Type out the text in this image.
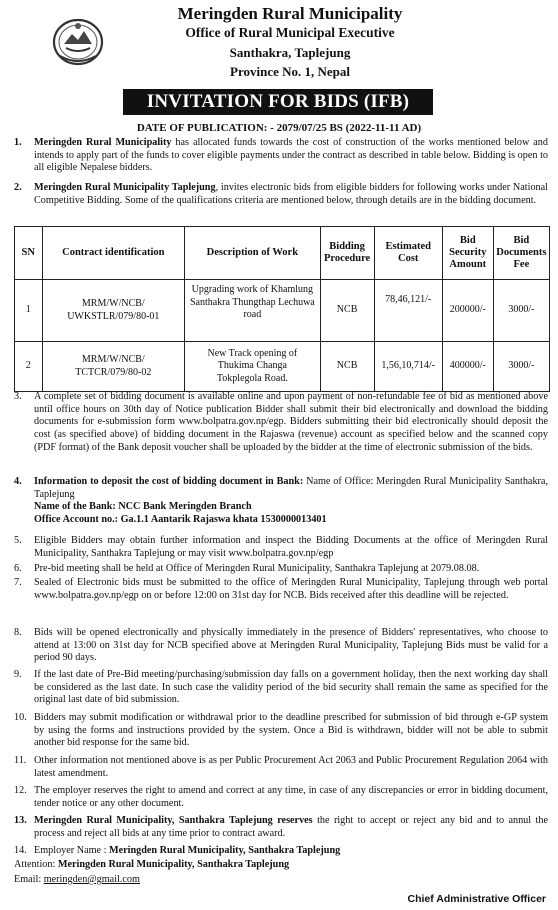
Meringden Rural Municipality
Office of Rural Municipal Executive
Santhakra, Taplejung
Province No. 1, Nepal
INVITATION FOR BIDS (IFB)
DATE OF PUBLICATION: - 2079/07/25 BS (2022-11-11 AD)
1. Meringden Rural Municipality has allocated funds towards the cost of construction of the works mentioned below and intends to apply part of the funds to cover eligible payments under the contract as described in table below. Bidding is open to all eligible Nepalese bidders.
2. Meringden Rural Municipality Taplejung, invites electronic bids from eligible bidders for following works under National Competitive Bidding. Some of the qualifications criteria are mentioned below, through details are in the bidding document.
SN	Contract identification	Description of Work	Bidding Procedure	Estimated Cost	Bid Security Amount	Bid Documents Fee
1	MRM/W/NCB/ UWKSTLR/079/80-01	Upgrading work of Khamlung Santhakra Thungthap Lechuwa road	NCB	78,46,121/-	200000/-	3000/-
2	MRM/W/NCB/ TCTCR/079/80-02	New Track opening of Thukima Changa Tokplegola Road.	NCB	1,56,10,714/-	400000/-	3000/-
3. A complete set of bidding document is available online and upon payment of non-refundable fee of bid as mentioned above until office hours on 30th day of Notice publication Bidder shall submit their bid electronically and download the bidding documents for e-submission form www.bolpatra.gov.np/egp. Bidders submitting their bid electronically should deposit the cost (as specified above) of bidding document in the Rajaswa (revenue) account as specified below and the scanned copy (PDF format) of the Bank deposit voucher shall be uploaded by the bidder at the time of electronic submission of the bids.
4. Information to deposit the cost of bidding document in Bank: Name of Office: Meringden Rural Municipality Santhakra, Taplejung
Name of the Bank: NCC Bank Meringden Branch
Office Account no.: Ga.1.1 Aantarik Rajaswa khata 1530000013401
5. Eligible Bidders may obtain further information and inspect the Bidding Documents at the office of Meringden Rural Municipality, Santhakra Taplejung or may visit www.bolpatra.gov.np/egp
6. Pre-bid meeting shall be held at Office of Meringden Rural Municipality, Santhakra Taplejung at 2079.08.08.
7. Sealed of Electronic bids must be submitted to the office of Meringden Rural Municipality, Taplejung through web portal www.bolpatra.gov.np/egp on or before 12:00 on 31st day for NCB. Bids received after this deadline will be rejected.
8. Bids will be opened electronically and physically immediately in the presence of Bidders' representatives, who choose to attend at 13:00 on 31st day for NCB specified above at Meringden Rural Municipality, Taplejung Bids must be valid for a period 90 days.
9. If the last date of Pre-Bid meeting/purchasing/submission day falls on a government holiday, then the next working day shall be considered as the last date. In such case the validity period of the bid security shall remain the same as specified for the original last date of bid submission.
10. Bidders may submit modification or withdrawal prior to the deadline prescribed for submission of bid through e-GP system by using the forms and instructions provided by the system. Once a Bid is withdrawn, bidder will not be able to submit another bid response for the same bid.
11. Other information not mentioned above is as per Public Procurement Act 2063 and Public Procurement Regulation 2064 with latest amendment.
12. The employer reserves the right to amend and correct at any time, in case of any discrepancies or error in bidding document, tender notice or any other document.
13. Meringden Rural Municipality, Santhakra Taplejung reserves the right to accept or reject any bid and to annul the process and reject all bids at any time prior to contract award.
14. Employer Name : Meringden Rural Municipality, Santhakra Taplejung
Attention: Meringden Rural Municipality, Santhakra Taplejung
Email: meringden@gmail.com
Chief Administrative Officer
